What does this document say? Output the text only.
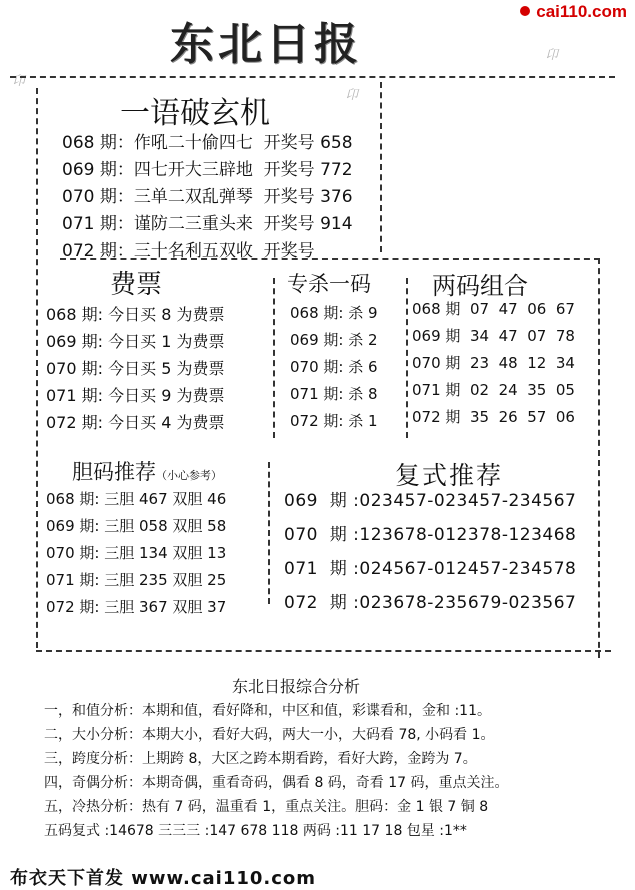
东北日报
cai110.com
卬
卬
卬
一语破玄机
068 期：作吼二十偷四七 开奖号 658
069 期：四七开大三辟地 开奖号 772
070 期：三单二双乱弹琴 开奖号 376
071 期：谨防二三重头来 开奖号 914
072 期：三十名利五双收 开奖号
费票
068 期: 今日买 8 为费票
069 期: 今日买 1 为费票
070 期: 今日买 5 为费票
071 期: 今日买 9 为费票
072 期: 今日买 4 为费票
专杀一码
068 期: 杀 9
069 期: 杀 2
070 期: 杀 6
071 期: 杀 8
072 期: 杀 1
两码组合
068 期 07  47  06  67
069 期 34  47  07  78
070 期 23  48  12  34
071 期 02  24  35  05
072 期 35  26  57  06
胆码推荐（小心参考）
068 期: 三胆 467 双胆 46
069 期: 三胆 058 双胆 58
070 期: 三胆 134 双胆 13
071 期: 三胆 235 双胆 25
072 期: 三胆 367 双胆 37
复式推荐
069  期 :023457-023457-234567
070  期 :123678-012378-123468
071  期 :024567-012457-234578
072  期 :023678-235679-023567
东北日报综合分析
一，和值分析：本期和值，看好降和，中区和值，彩谍看和，金和 :11。
二，大小分析：本期大小，看好大码，两大一小，大码看 78, 小码看 1。
三，跨度分析：上期跨 8，大区之跨本期看跨，看好大跨，金跨为 7。
四，奇偶分析：本期奇偶，重看奇码，偶看 8 码，奇看 17 码，重点关注。
五，冷热分析：热有 7 码，温重看 1，重点关注。胆码：金 1 银 7 铜 8
五码复式 :14678 三三三 :147 678 118 两码 :11 17 18 包星 :1**
布衣天下首发 www.cai110.com
